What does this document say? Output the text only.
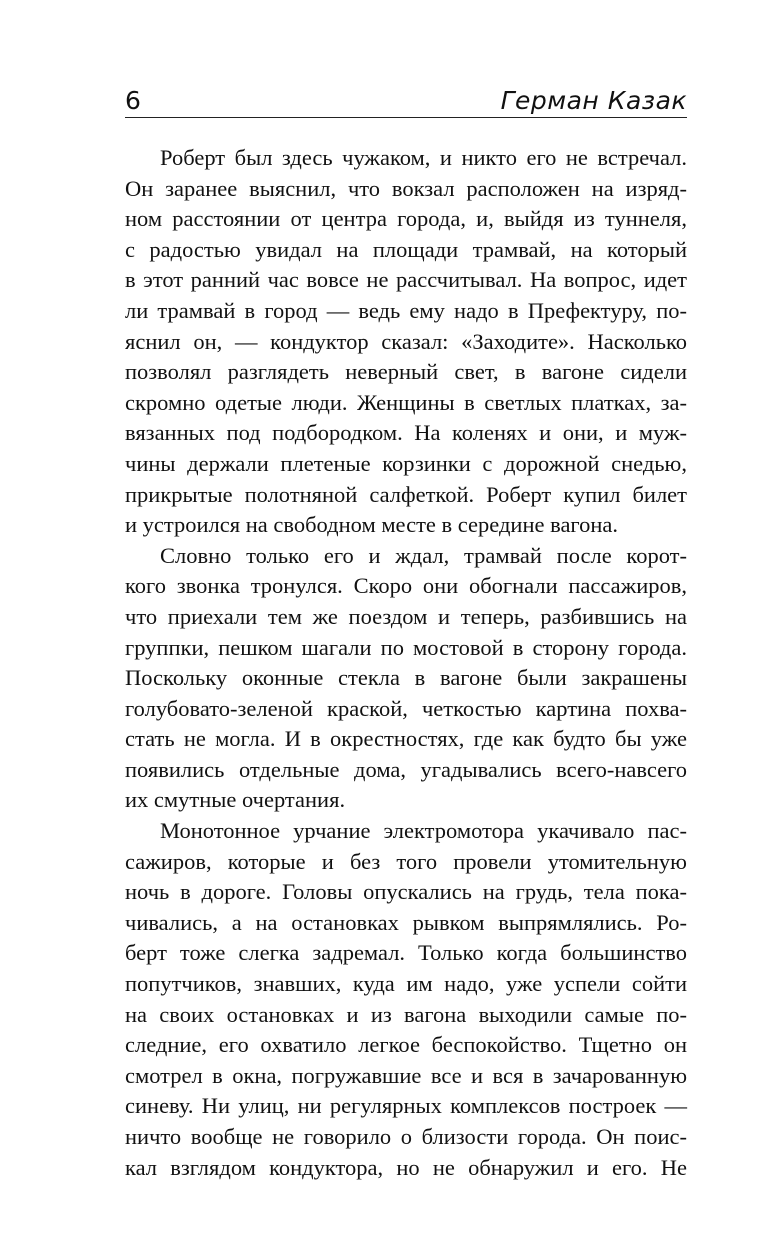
6	Герман Казак
Роберт был здесь чужаком, и никто его не встречал.
Он заранее выяснил, что вокзал расположен на изряд-
ном расстоянии от центра города, и, выйдя из туннеля,
с радостью увидал на площади трамвай, на который
в этот ранний час вовсе не рассчитывал. На вопрос, идет
ли трамвай в город — ведь ему надо в Префектуру, по-
яснил он, — кондуктор сказал: «Заходите». Насколько
позволял разглядеть неверный свет, в вагоне сидели
скромно одетые люди. Женщины в светлых платках, за-
вязанных под подбородком. На коленях и они, и муж-
чины держали плетеные корзинки с дорожной снедью,
прикрытые полотняной салфеткой. Роберт купил билет
и устроился на свободном месте в середине вагона.
Словно только его и ждал, трамвай после корот-
кого звонка тронулся. Скоро они обогнали пассажиров,
что приехали тем же поездом и теперь, разбившись на
группки, пешком шагали по мостовой в сторону города.
Поскольку оконные стекла в вагоне были закрашены
голубовато-зеленой краской, четкостью картина похва-
стать не могла. И в окрестностях, где как будто бы уже
появились отдельные дома, угадывались всего-навсего
их смутные очертания.
Монотонное урчание электромотора укачивало пас-
сажиров, которые и без того провели утомительную
ночь в дороге. Головы опускались на грудь, тела пока-
чивались, а на остановках рывком выпрямлялись. Ро-
берт тоже слегка задремал. Только когда большинство
попутчиков, знавших, куда им надо, уже успели сойти
на своих остановках и из вагона выходили самые по-
следние, его охватило легкое беспокойство. Тщетно он
смотрел в окна, погружавшие все и вся в зачарованную
синеву. Ни улиц, ни регулярных комплексов построек —
ничто вообще не говорило о близости города. Он поис-
кал взглядом кондуктора, но не обнаружил и его. Не
